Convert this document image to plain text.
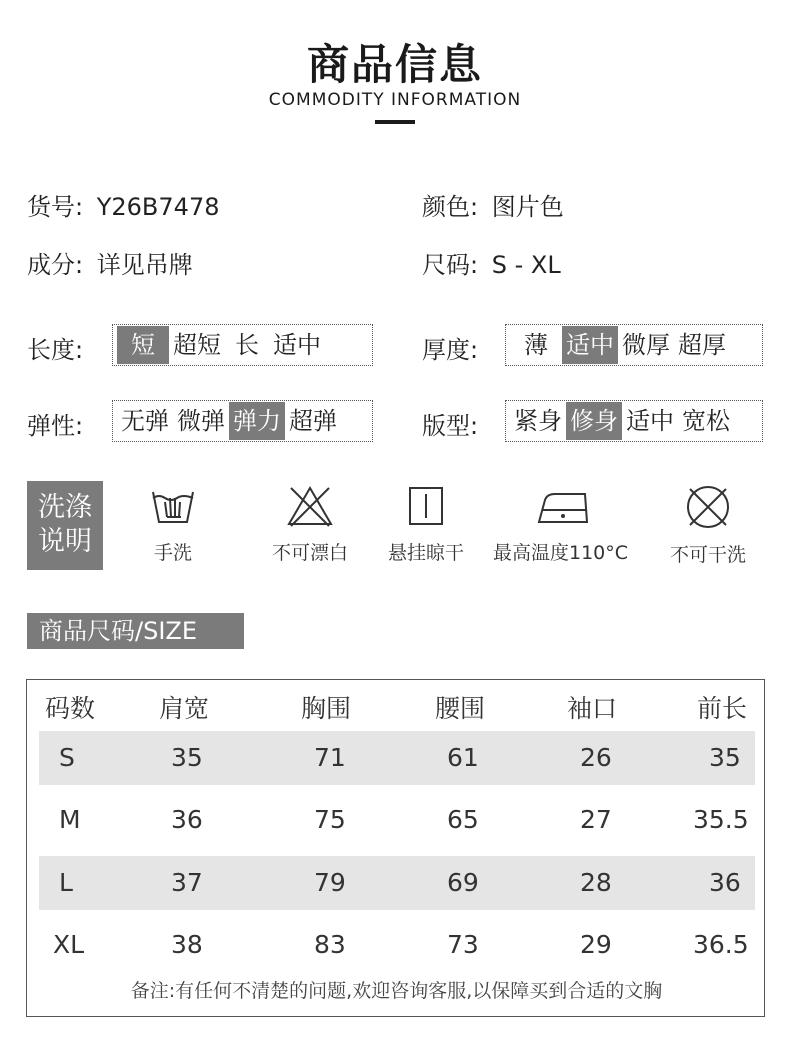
商品信息
COMMODITY INFORMATION
货号: Y26B7478	颜色: 图片色
成分: 详见吊牌	尺码: S - XL
长度:	短 超短 长 适中	厚度:	薄 适中 微厚 超厚
弹性: 无弹 微弹 弹力 超弹	版型: 紧身 修身 适中 宽松
洗涤
说明	手洗	不可漂白	悬挂晾干	最高温度110°C	不可干洗
商品尺码/SIZE
码数	肩宽	胸围	腰围	袖口	前长
S	35	71	61	26	35
M	36	75	65	27	35.5
L	37	79	69	28	36
XL	38	83	73	29	36.5
备注:有任何不清楚的问题,欢迎咨询客服,以保障买到合适的文胸
